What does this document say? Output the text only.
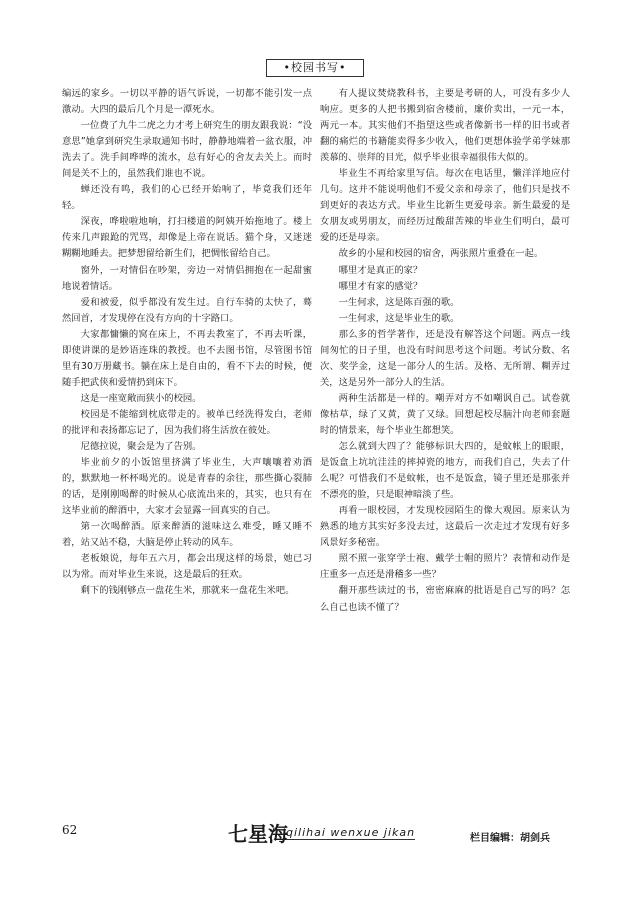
•校园书写•

编远的家乡。一切以平静的语气诉说，一切都不能引发一点激动。大四的最后几个月是一潭死水。

一位费了九牛二虎之力才考上研究生的朋友跟我说：“没意思”她拿到研究生录取通知书时，静静地端着一盆衣服，冲洗去了。洗手间哗哗的流水，总有好心的舍友去关上。而时间是关不上的，虽然我们谁也不说。

蝉还没有鸣，我们的心已经开始响了，毕竟我们还年轻。

深夜，哗啦啦地响，打扫楼道的阿姨开始拖地了。楼上传来几声踉跄的咒骂，却像是上帝在说话。猫个身，又迷迷糊糊地睡去。把梦想留给新生们，把惆怅留给自己。

窗外，一对情侣在吵架，旁边一对情侣拥抱在一起甜蜜地说着情话。

爱和被爱，似乎都没有发生过。自行车骑的太快了，蓦然回首，才发现停在没有方向的十字路口。

大家都慵懒的窝在床上，不再去教室了，不再去听课，即使讲课的是妙语连珠的教授。也不去图书馆，尽管图书馆里有30万册藏书。躺在床上是自由的，看不下去的时候，便随手把武侠和爱情扔到床下。

这是一座宽敞而狭小的校园。

校园是不能缩到枕底带走的。被单已经洗得发白，老师的批评和表扬都忘记了，因为我们将生活放在彼处。

尼德拉说，聚会是为了告别。

毕业前夕的小饭馆里挤满了毕业生，大声嚷嚷着劝酒的，默默地一杯杯喝光的。说是青春的余往，那些撕心裂肺的话，是刚刚喝醉的时候从心底流出来的，其实，也只有在这毕业前的醉酒中，大家才会显露一回真实的自己。

第一次喝醉酒。原来醉酒的滋味这么难受，睡又睡不着，站又站不稳，大脑是停止转动的风车。

老板娘说，每年五六月，都会出现这样的场景，她已习以为常。而对毕业生来说，这是最后的狂欢。

剩下的钱刚够点一盘花生米，那就来一盘花生米吧。

有人提议焚烧教科书，主要是考研的人，可没有多少人响应。更多的人把书搬到宿舍楼前，廉价卖出，一元一本，两元一本。其实他们不指望这些或者像新书一样的旧书或者翻的痛烂的书籍能卖得多少收入，他们更想体验学弟学妹那羡慕的、崇拜的目光，似乎毕业很幸福很伟大似的。

毕业生不再给家里写信。每次在电话里，懒洋洋地应付几句。这并不能说明他们不爱父亲和母亲了，他们只是找不到更好的表达方式。毕业生比新生更爱母亲。新生最爱的是女朋友或男朋友，而经历过酸甜苦辣的毕业生们明白，最可爱的还是母亲。

故乡的小屋和校园的宿舍，两张照片重叠在一起。

哪里才是真正的家？

哪里才有家的感觉？

一生何求，这是陈百强的歌。

一生何求，这是毕业生的歌。

那么多的哲学著作，还是没有解答这个问题。两点一线间匆忙的日子里，也没有时间思考这个问题。考试分数、名次、奖学金，这是一部分人的生活。及格、无所谓、糊弄过关，这是另外一部分人的生活。

两种生活都是一样的。嘲弄对方不如嘲讽自己。试卷就像枯草，绿了又黄，黄了又绿。回想起校尽脑汁向老师套题时的情景来，每个毕业生都想笑。

怎么就到大四了？能够标识大四的，是蚊帐上的眼眼，是饭盒上坑坑洼洼的摔掉瓷的地方，而我们自己，失去了什么呢？可惜我们不是蚊帐，也不是饭盒，镜子里还是那张并不漂亮的脸，只是眼神暗淡了些。

再看一眼校园，才发现校园陌生的像大观园。原来认为熟悉的地方其实好多没去过，这最后一次走过才发现有好多风景好多秘密。

照不照一张穿学士袍、戴学士帽的照片？表情和动作是庄重多一点还是滑稽多一些？

翻开那些读过的书，密密麻麻的批语是自己写的吗？怎么自己也读不懂了？

栏目编辑：胡剑兵
62	七星海
qilihai wenxue jikan
